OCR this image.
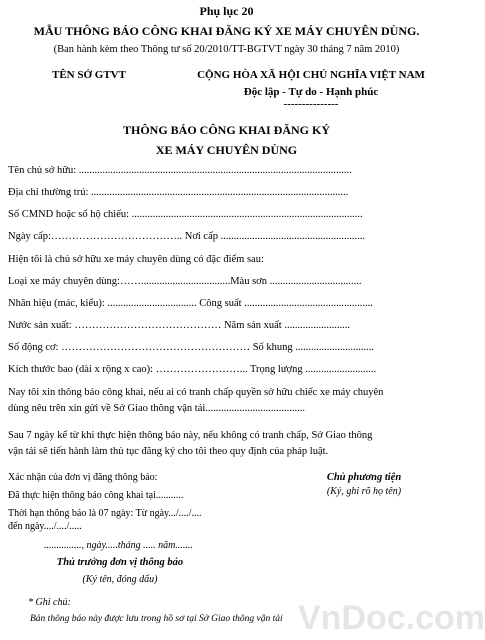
Phụ lục 20
MẪU THÔNG BÁO CÔNG KHAI ĐĂNG KÝ XE MÁY CHUYÊN DÙNG.
(Ban hành kèm theo Thông tư số 20/2010/TT-BGTVT ngày 30 tháng 7 năm 2010)
TÊN SỞ GTVT	CỘNG HÒA XÃ HỘI CHỦ NGHĨA VIỆT NAM
Độc lập - Tự do - Hạnh phúc
---------------
THÔNG BÁO CÔNG KHAI ĐĂNG KÝ
XE MÁY CHUYÊN DÙNG
Tên chủ sở hữu: ........................................................................................................
Địa chỉ thường trú: ..................................................................................................
Số CMND hoặc số hộ chiếu: ........................................................................................
Ngày cấp:……………………………….. Nơi cấp .......................................................
Hiện tôi là chủ sở hữu xe máy chuyên dùng có đặc điểm sau:
Loại xe máy chuyên dùng:……..................................Màu sơn ...................................
Nhãn hiệu (mác, kiểu): .................................. Công suất .................................................
Nước sản xuất: …………………………………… Năm sản xuất .........................
Số động cơ: ……………………………………………… Số khung ..............................
Kích thước bao (dài x rộng x cao): ……………………... Trọng lượng ...........................
Nay tôi xin thông báo công khai, nếu ai có tranh chấp quyền sở hữu chiếc xe máy chuyên
dùng nêu trên xin gửi về Sở Giao thông vận tải......................................
Sau 7 ngày kể từ khi thực hiện thông báo này, nếu không có tranh chấp, Sở Giao thông
vận tải sẽ tiến hành làm thủ tục đăng ký cho tôi theo quy định của pháp luật.
Xác nhận của đơn vị đăng thông báo:
Đã thực hiện thông báo công khai tại...........
Thời hạn thông báo là 07 ngày: Từ ngày.../..../....
đến ngày..../..../.....
..............., ngày.....tháng ..... năm.......
Thủ trưởng đơn vị thông báo
(Ký tên, đóng dấu)
Chủ phương tiện
(Ký, ghi rõ họ tên)
* Ghi chú:
Bản thông báo này được lưu trong hồ sơ tại Sở Giao thông vận tải VnDoc.com
